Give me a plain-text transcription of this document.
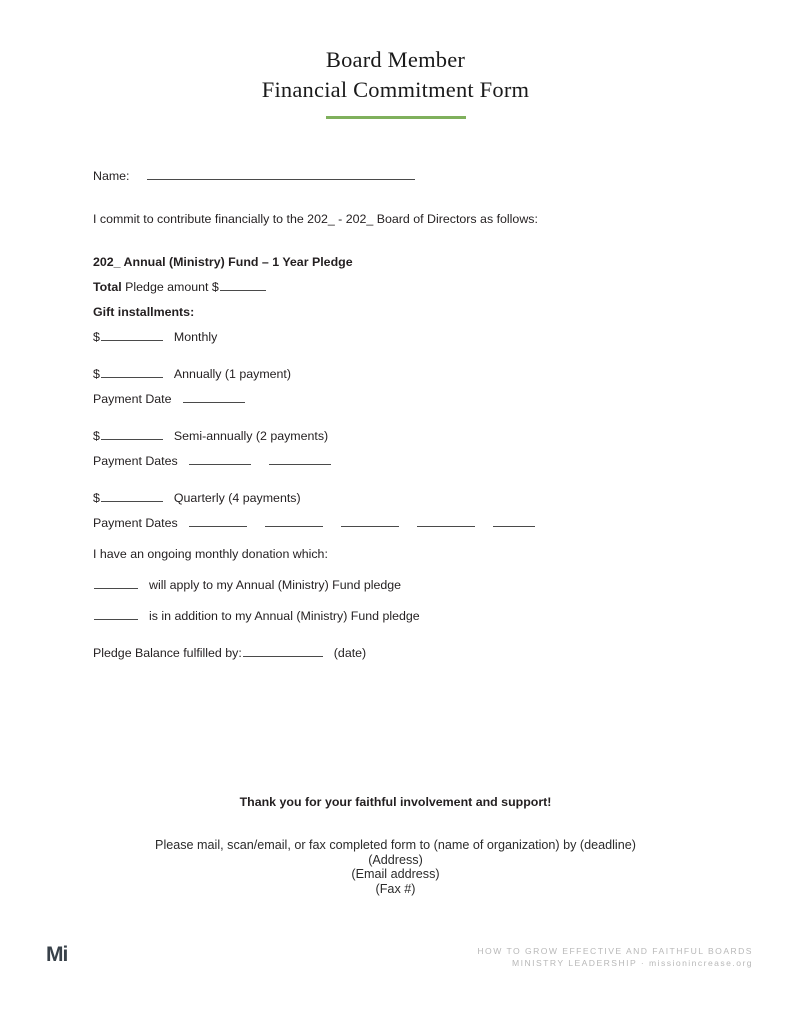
Board Member
Financial Commitment Form
Name:
I commit to contribute financially to the 202_ - 202_ Board of Directors as follows:
202_ Annual (Ministry) Fund – 1 Year Pledge
Total Pledge amount $
Gift installments:
$	Monthly
$	Annually (1 payment)
Payment Date
$	Semi-annually (2 payments)
Payment Dates
$	Quarterly (4 payments)
Payment Dates
I have an ongoing monthly donation which:
will apply to my Annual (Ministry) Fund pledge
is in addition to my Annual (Ministry) Fund pledge
Pledge Balance fulfilled by:	(date)
Thank you for your faithful involvement and support!
Please mail, scan/email, or fax completed form to (name of organization) by (deadline)
(Address)
(Email address)
(Fax #)
Mi	HOW TO GROW EFFECTIVE AND FAITHFUL BOARDS
MINISTRY LEADERSHIP · missionincrease.org
